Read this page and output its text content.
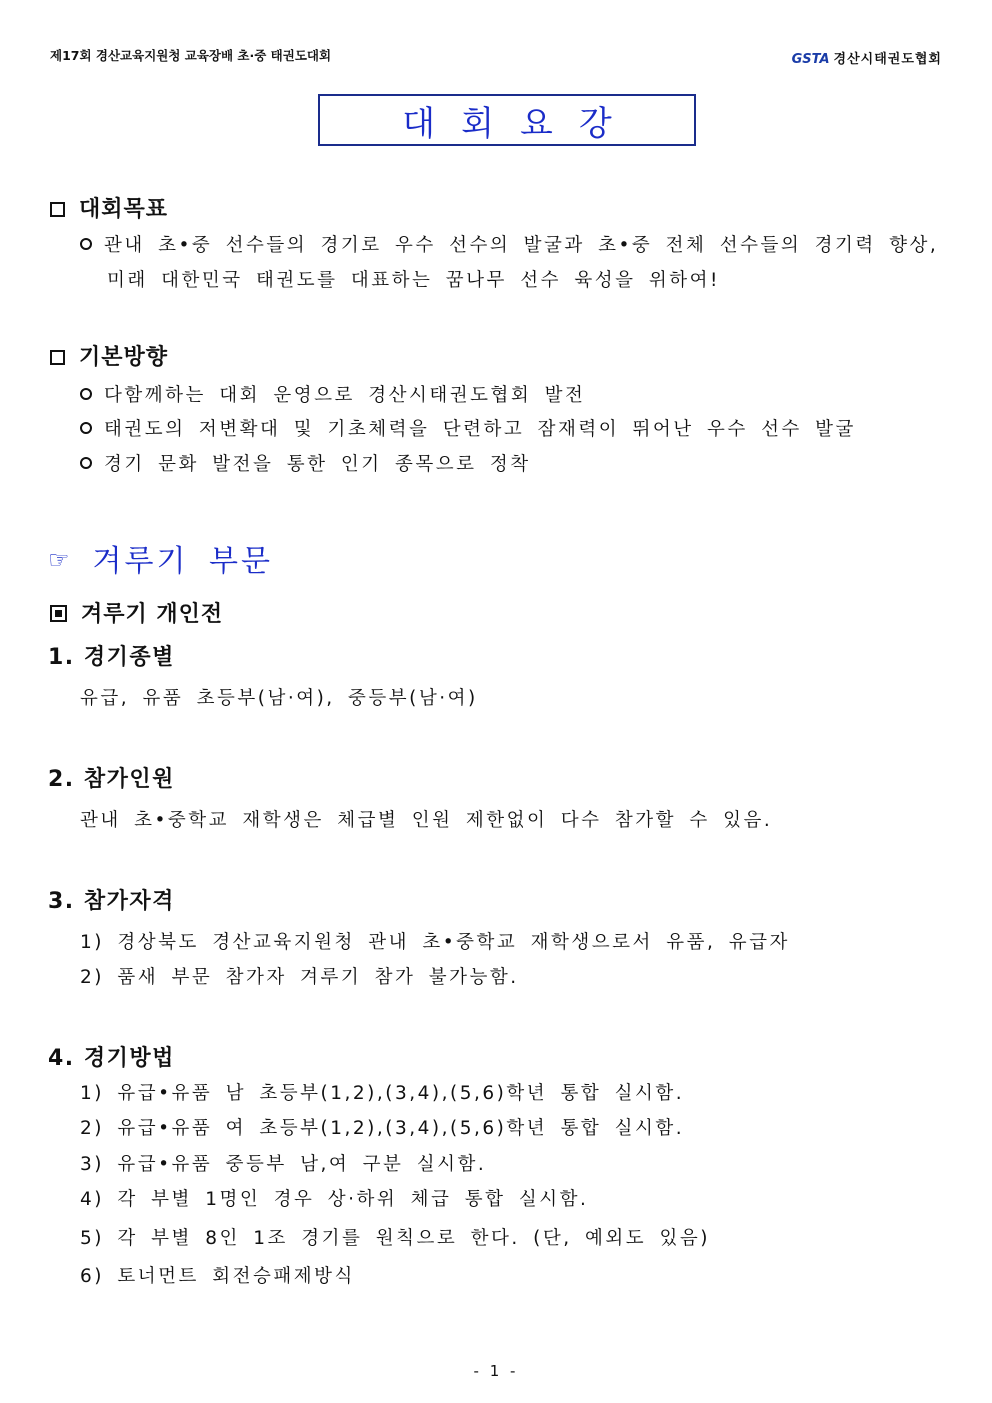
제17회 경산교육지원청 교육장배 초·중 태권도대회	GSTA 경산시태권도협회
대회요강
대회목표
관내 초•중 선수들의 경기로 우수 선수의 발굴과 초•중 전체 선수들의 경기력 향상,
미래 대한민국 태권도를 대표하는 꿈나무 선수 육성을 위하여!
기본방향
다함께하는 대회 운영으로 경산시태권도협회 발전
태권도의 저변확대 및 기초체력을 단련하고 잠재력이 뛰어난 우수 선수 발굴
경기 문화 발전을 통한 인기 종목으로 정착
☞ 겨루기 부문
겨루기 개인전
1. 경기종별
유급, 유품 초등부(남·여), 중등부(남·여)
2. 참가인원
관내 초•중학교 재학생은 체급별 인원 제한없이 다수 참가할 수 있음.
3. 참가자격
1) 경상북도 경산교육지원청 관내 초•중학교 재학생으로서 유품, 유급자
2) 품새 부문 참가자 겨루기 참가 불가능함.
4. 경기방법
1) 유급•유품 남 초등부(1,2),(3,4),(5,6)학년 통합 실시함.
2) 유급•유품 여 초등부(1,2),(3,4),(5,6)학년 통합 실시함.
3) 유급•유품 중등부 남,여 구분 실시함.
4) 각 부별 1명인 경우 상·하위 체급 통합 실시함.
5) 각 부별 8인 1조 경기를 원칙으로 한다. (단, 예외도 있음)
6) 토너먼트 회전승패제방식
- 1 -
